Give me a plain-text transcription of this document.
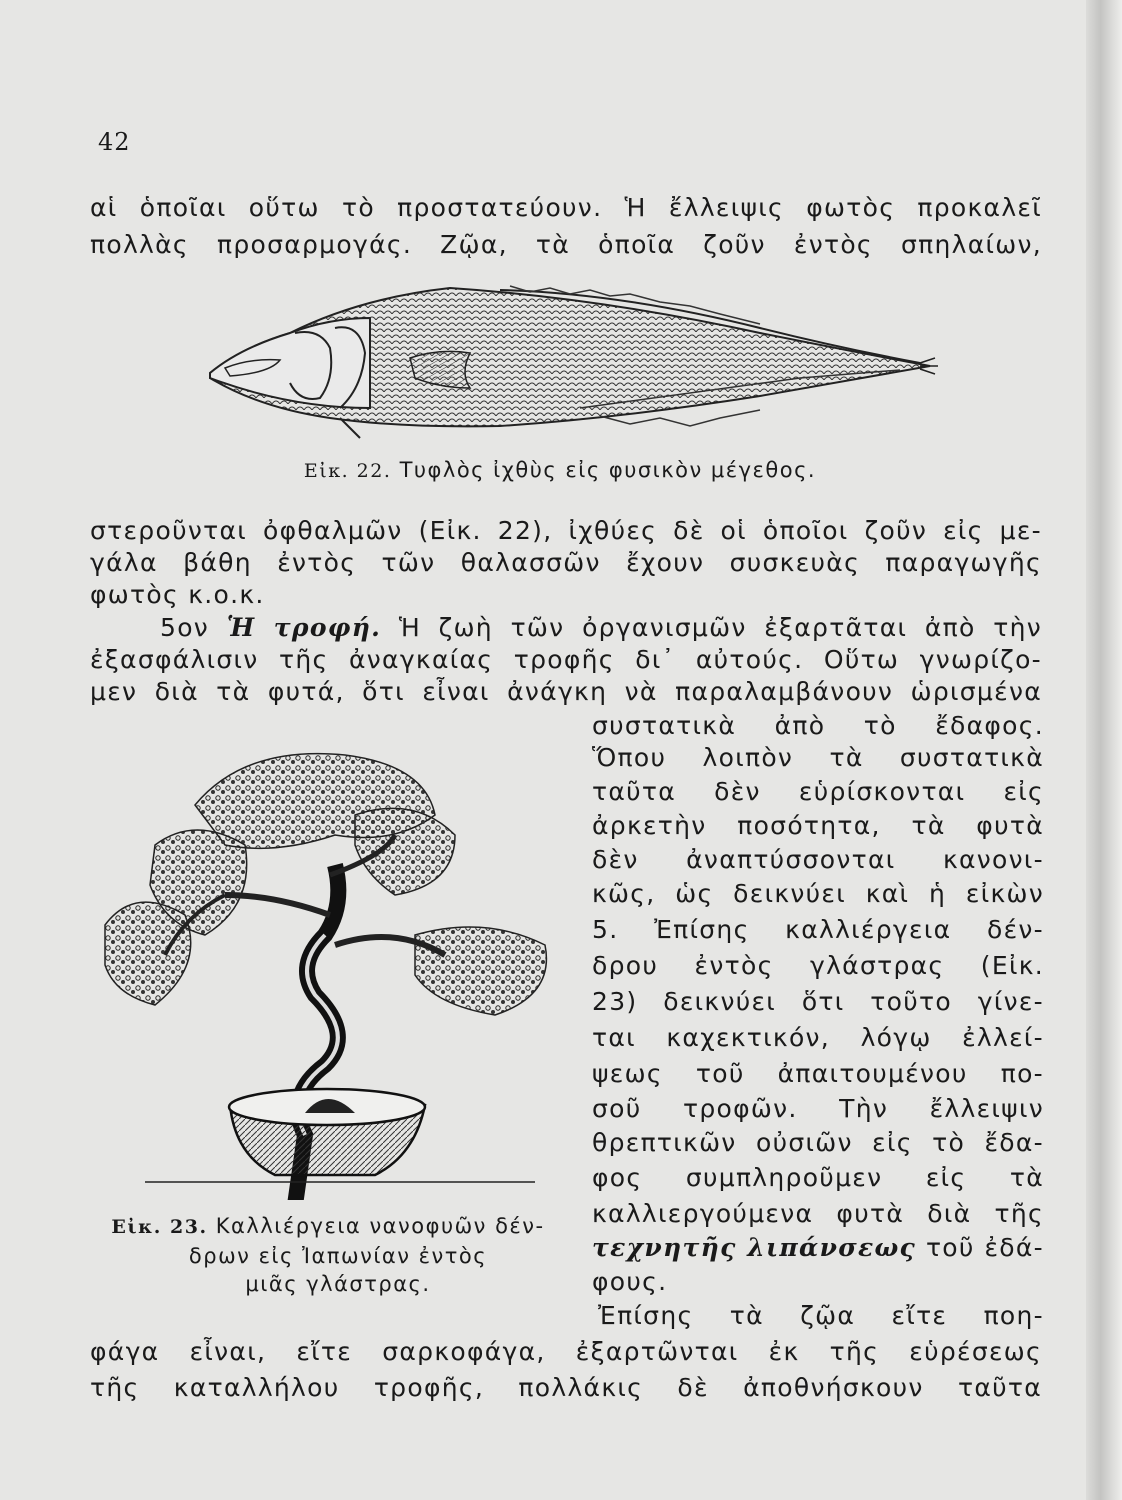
42

αἱ ὁποῖαι οὕτω τὸ προστατεύουν. Ἡ ἔλλειψις φωτὸς προκαλεῖ

πολλὰς προσαρμογάς. Ζῷα, τὰ ὁποῖα ζοῦν ἐντὸς σπηλαίων,

Εἰκ. 22. Τυφλὸς ἰχθὺς εἰς φυσικὸν μέγεθος.

στεροῦνται ὀφθαλμῶν (Εἰκ. 22), ἰχθύες δὲ οἱ ὁποῖοι ζοῦν εἰς με-

γάλα βάθη ἐντὸς τῶν θαλασσῶν ἔχουν συσκευὰς παραγωγῆς

φωτὸς κ.ο.κ.

5ον Ἡ τροφή. Ἡ ζωὴ τῶν ὀργανισμῶν ἐξαρτᾶται ἀπὸ τὴν

ἐξασφάλισιν τῆς ἀναγκαίας τροφῆς δι᾽ αὐτούς. Οὕτω γνωρίζο-

μεν διὰ τὰ φυτά, ὅτι εἶναι ἀνάγκη νὰ παραλαμβάνουν ὡρισμένα

συστατικὰ ἀπὸ τὸ ἔδαφος.

Ὅπου λοιπὸν τὰ συστατικὰ

ταῦτα δὲν εὑρίσκονται εἰς

ἀρκετὴν ποσότητα, τὰ φυτὰ

δὲν ἀναπτύσσονται κανονι-

κῶς, ὡς δεικνύει καὶ ἡ εἰκὼν

5. Ἐπίσης καλλιέργεια δέν-

δρου ἐντὸς γλάστρας (Εἰκ.

23) δεικνύει ὅτι τοῦτο γίνε-

ται καχεκτικόν, λόγῳ ἐλλεί-

ψεως τοῦ ἀπαιτουμένου πο-

σοῦ τροφῶν. Τὴν ἔλλειψιν

θρεπτικῶν οὐσιῶν εἰς τὸ ἔδα-

φος συμπληροῦμεν εἰς τὰ

καλλιεργούμενα φυτὰ διὰ τῆς

τεχνητῆς λιπάνσεως τοῦ ἐδά-

φους.

Εἰκ. 23. Καλλιέργεια νανοφυῶν δέν-

δρων εἰς Ἰαπωνίαν ἐντὸς

μιᾶς γλάστρας.

Ἐπίσης τὰ ζῷα εἴτε ποη-

φάγα εἶναι, εἴτε σαρκοφάγα, ἐξαρτῶνται ἐκ τῆς εὑρέσεως

τῆς καταλλήλου τροφῆς, πολλάκις δὲ ἀποθνήσκουν ταῦτα
